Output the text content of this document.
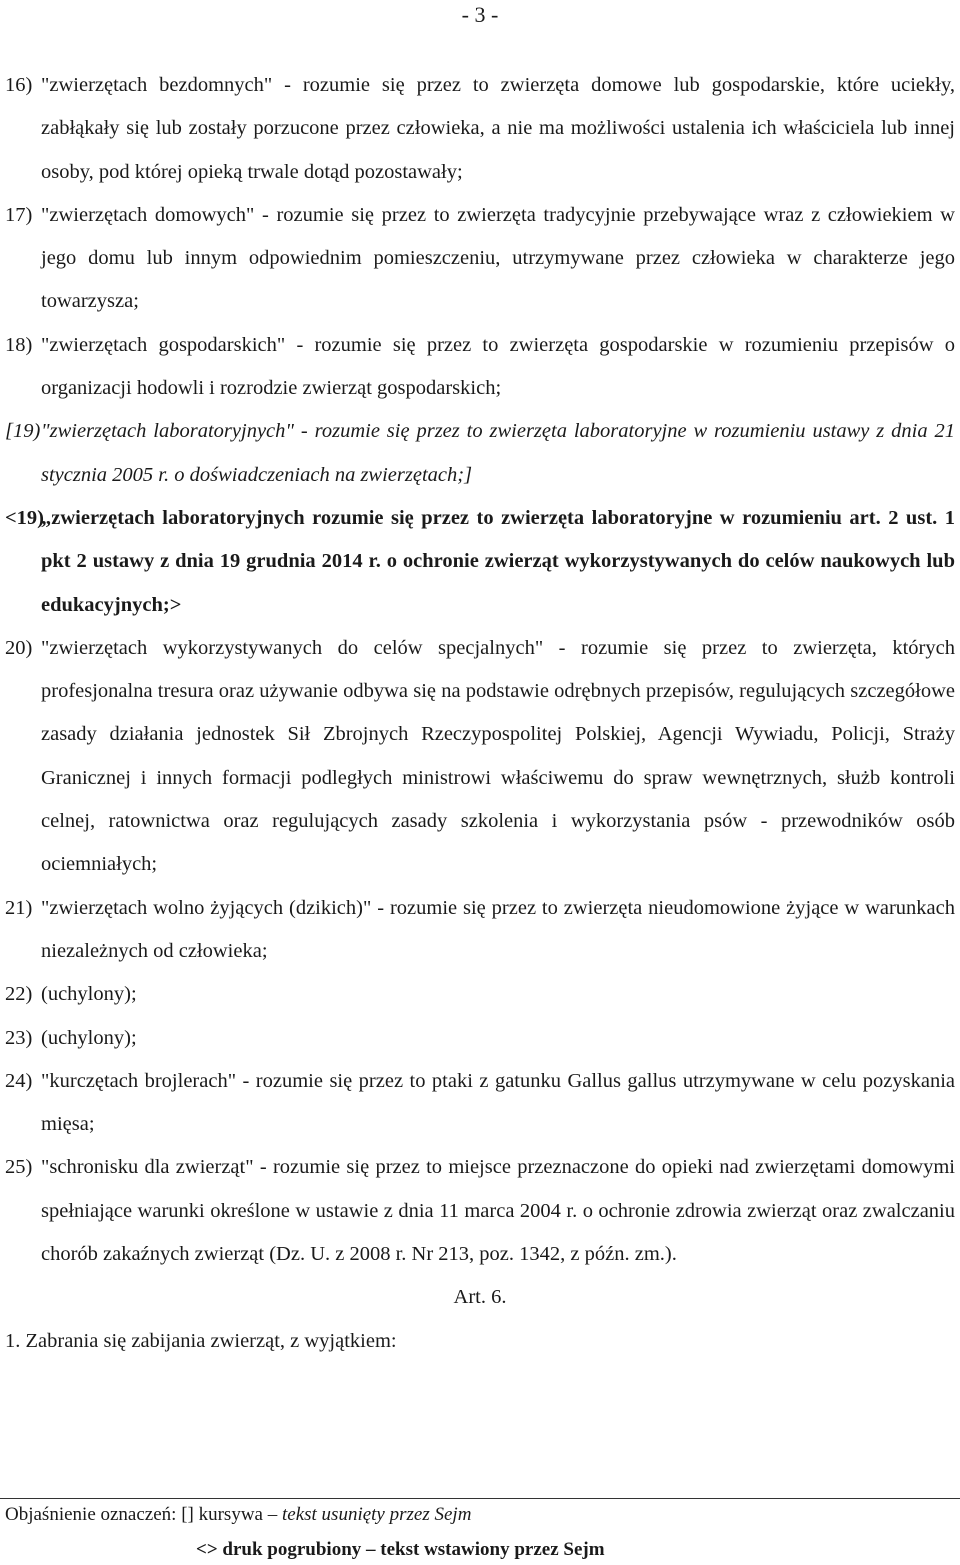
- 3 -
16) "zwierzętach bezdomnych" - rozumie się przez to zwierzęta domowe lub gospodarskie, które uciekły, zabłąkały się lub zostały porzucone przez człowieka, a nie ma możliwości ustalenia ich właściciela lub innej osoby, pod której opieką trwale dotąd pozostawały;
17) "zwierzętach domowych" - rozumie się przez to zwierzęta tradycyjnie przebywające wraz z człowiekiem w jego domu lub innym odpowiednim pomieszczeniu, utrzymywane przez człowieka w charakterze jego towarzysza;
18) "zwierzętach gospodarskich" - rozumie się przez to zwierzęta gospodarskie w rozumieniu przepisów o organizacji hodowli i rozrodzie zwierząt gospodarskich;
[19) "zwierzętach laboratoryjnych" - rozumie się przez to zwierzęta laboratoryjne w rozumieniu ustawy z dnia 21 stycznia 2005 r. o doświadczeniach na zwierzętach;]
<19)
„zwierzętach laboratoryjnych rozumie się przez to zwierzęta laboratoryjne w rozumieniu art. 2 ust. 1 pkt 2 ustawy z dnia 19 grudnia 2014 r. o ochronie zwierząt wykorzystywanych do celów naukowych lub edukacyjnych;>
20) "zwierzętach wykorzystywanych do celów specjalnych" - rozumie się przez to zwierzęta, których profesjonalna tresura oraz używanie odbywa się na podstawie odrębnych przepisów, regulujących szczegółowe zasady działania jednostek Sił Zbrojnych Rzeczypospolitej Polskiej, Agencji Wywiadu, Policji, Straży Granicznej i innych formacji podległych ministrowi właściwemu do spraw wewnętrznych, służb kontroli celnej, ratownictwa oraz regulujących zasady szkolenia i wykorzystania psów - przewodników osób ociemniałych;
21) "zwierzętach wolno żyjących (dzikich)" - rozumie się przez to zwierzęta nieudomowione żyjące w warunkach niezależnych od człowieka;
22) (uchylony);
23) (uchylony);
24) "kurczętach brojlerach" - rozumie się przez to ptaki z gatunku Gallus gallus utrzymywane w celu pozyskania mięsa;
25) "schronisku dla zwierząt" - rozumie się przez to miejsce przeznaczone do opieki nad zwierzętami domowymi spełniające warunki określone w ustawie z dnia 11 marca 2004 r. o ochronie zdrowia zwierząt oraz zwalczaniu chorób zakaźnych zwierząt (Dz. U. z 2008 r. Nr 213, poz. 1342, z późn. zm.).
Art. 6.
1. Zabrania się zabijania zwierząt, z wyjątkiem:
Objaśnienie oznaczeń: [] kursywa – tekst usunięty przez Sejm
<> druk pogrubiony – tekst wstawiony przez Sejm
